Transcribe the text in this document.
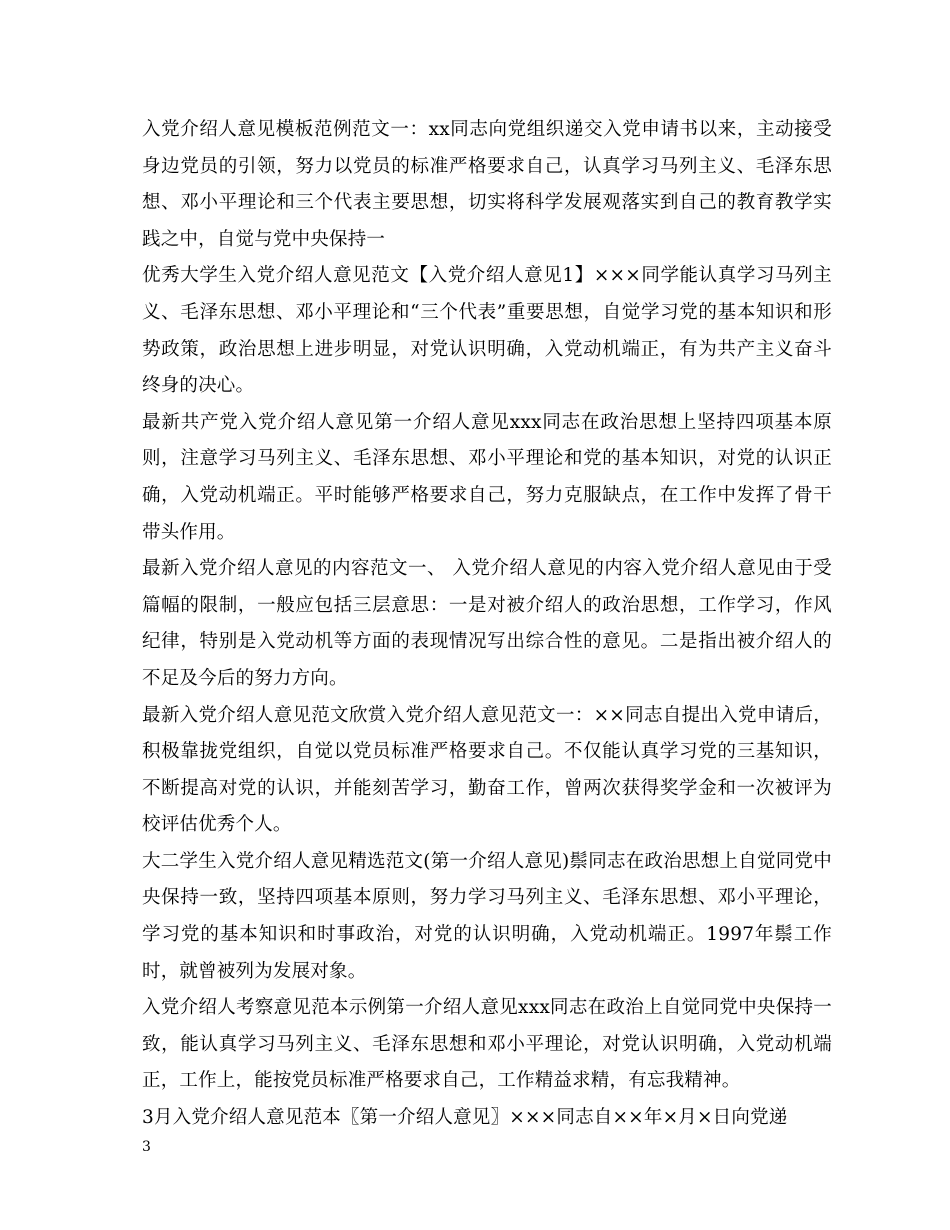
入党介绍人意见模板范例范文一：xx同志向党组织递交入党申请书以来，主动接受身边党员的引领，努力以党员的标准严格要求自己，认真学习马列主义、毛泽东思想、邓小平理论和三个代表主要思想，切实将科学发展观落实到自己的教育教学实践之中，自觉与党中央保持一

优秀大学生入党介绍人意见范文【入党介绍人意见1】×××同学能认真学习马列主义、毛泽东思想、邓小平理论和“三个代表”重要思想，自觉学习党的基本知识和形势政策，政治思想上进步明显，对党认识明确，入党动机端正，有为共产主义奋斗终身的决心。

最新共产党入党介绍人意见第一介绍人意见xxx同志在政治思想上坚持四项基本原则，注意学习马列主义、毛泽东思想、邓小平理论和党的基本知识，对党的认识正确，入党动机端正。平时能够严格要求自己，努力克服缺点，在工作中发挥了骨干带头作用。

最新入党介绍人意见的内容范文一、 入党介绍人意见的内容入党介绍人意见由于受篇幅的限制，一般应包括三层意思：一是对被介绍人的政治思想，工作学习，作风纪律，特别是入党动机等方面的表现情况写出综合性的意见。二是指出被介绍人的不足及今后的努力方向。

最新入党介绍人意见范文欣赏入党介绍人意见范文一：××同志自提出入党申请后，积极靠拢党组织，自觉以党员标准严格要求自己。不仅能认真学习党的三基知识，不断提高对党的认识，并能刻苦学习，勤奋工作，曾两次获得奖学金和一次被评为校评估优秀个人。

大二学生入党介绍人意见精选范文(第一介绍人意见)鬃同志在政治思想上自觉同党中央保持一致，坚持四项基本原则，努力学习马列主义、毛泽东思想、邓小平理论，学习党的基本知识和时事政治，对党的认识明确，入党动机端正。1997年鬃工作时，就曾被列为发展对象。

入党介绍人考察意见范本示例第一介绍人意见xxx同志在政治上自觉同党中央保持一致，能认真学习马列主义、毛泽东思想和邓小平理论，对党认识明确，入党动机端正，工作上，能按党员标准严格要求自己，工作精益求精，有忘我精神。

3月入党介绍人意见范本〖第一介绍人意见〗×××同志自××年×月×日向党递

3
